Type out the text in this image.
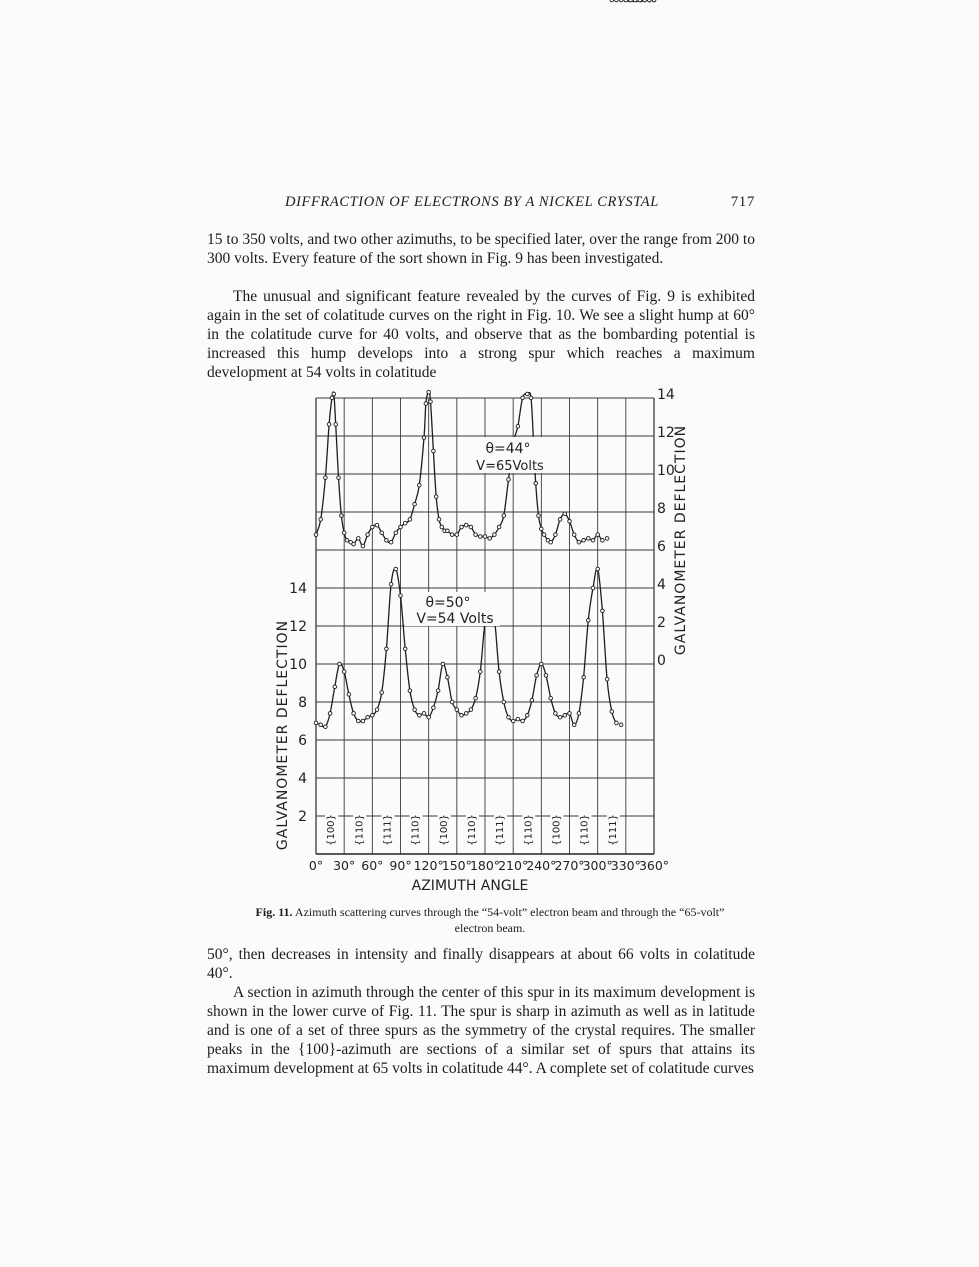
DIFFRACTION OF ELECTRONS BY A NICKEL CRYSTAL	717
15 to 350 volts, and two other azimuths, to be specified later, over the range from 200 to 300 volts. Every feature of the sort shown in Fig. 9 has been investigated.
The unusual and significant feature revealed by the curves of Fig. 9 is exhibited again in the set of colatitude curves on the right in Fig. 10. We see a slight hump at 60° in the colatitude curve for 40 volts, and observe that as the bombarding potential is increased this hump develops into a strong spur which reaches a maximum development at 54 volts in colatitude
0° 30° 60° 90° 120°
150°
180°
210°
240°
270°
300°
330°
360°
2
4
6
8
10
12
14
0
2
4
6
8
10
12
14
AZIMUTH ANGLE
GALVANOMETER DEFLECTION
GALVANOMETER DEFLECTION
{100} {110} {111} {110} {100} {110} {111} {110} {100} {110} {111}
θ=44°
V=65Volts
θ=50°
V=54 Volts
Fig. 11. Azimuth scattering curves through the “54-volt” electron beam and through the “65-volt” electron beam.
50°, then decreases in intensity and finally disappears at about 66 volts in colatitude 40°.
A section in azimuth through the center of this spur in its maximum development is shown in the lower curve of Fig. 11. The spur is sharp in azimuth as well as in latitude and is one of a set of three spurs as the symmetry of the crystal requires. The smaller peaks in the {100}-azimuth are sections of a similar set of spurs that attains its maximum development at 65 volts in colatitude 44°. A complete set of colatitude curves
